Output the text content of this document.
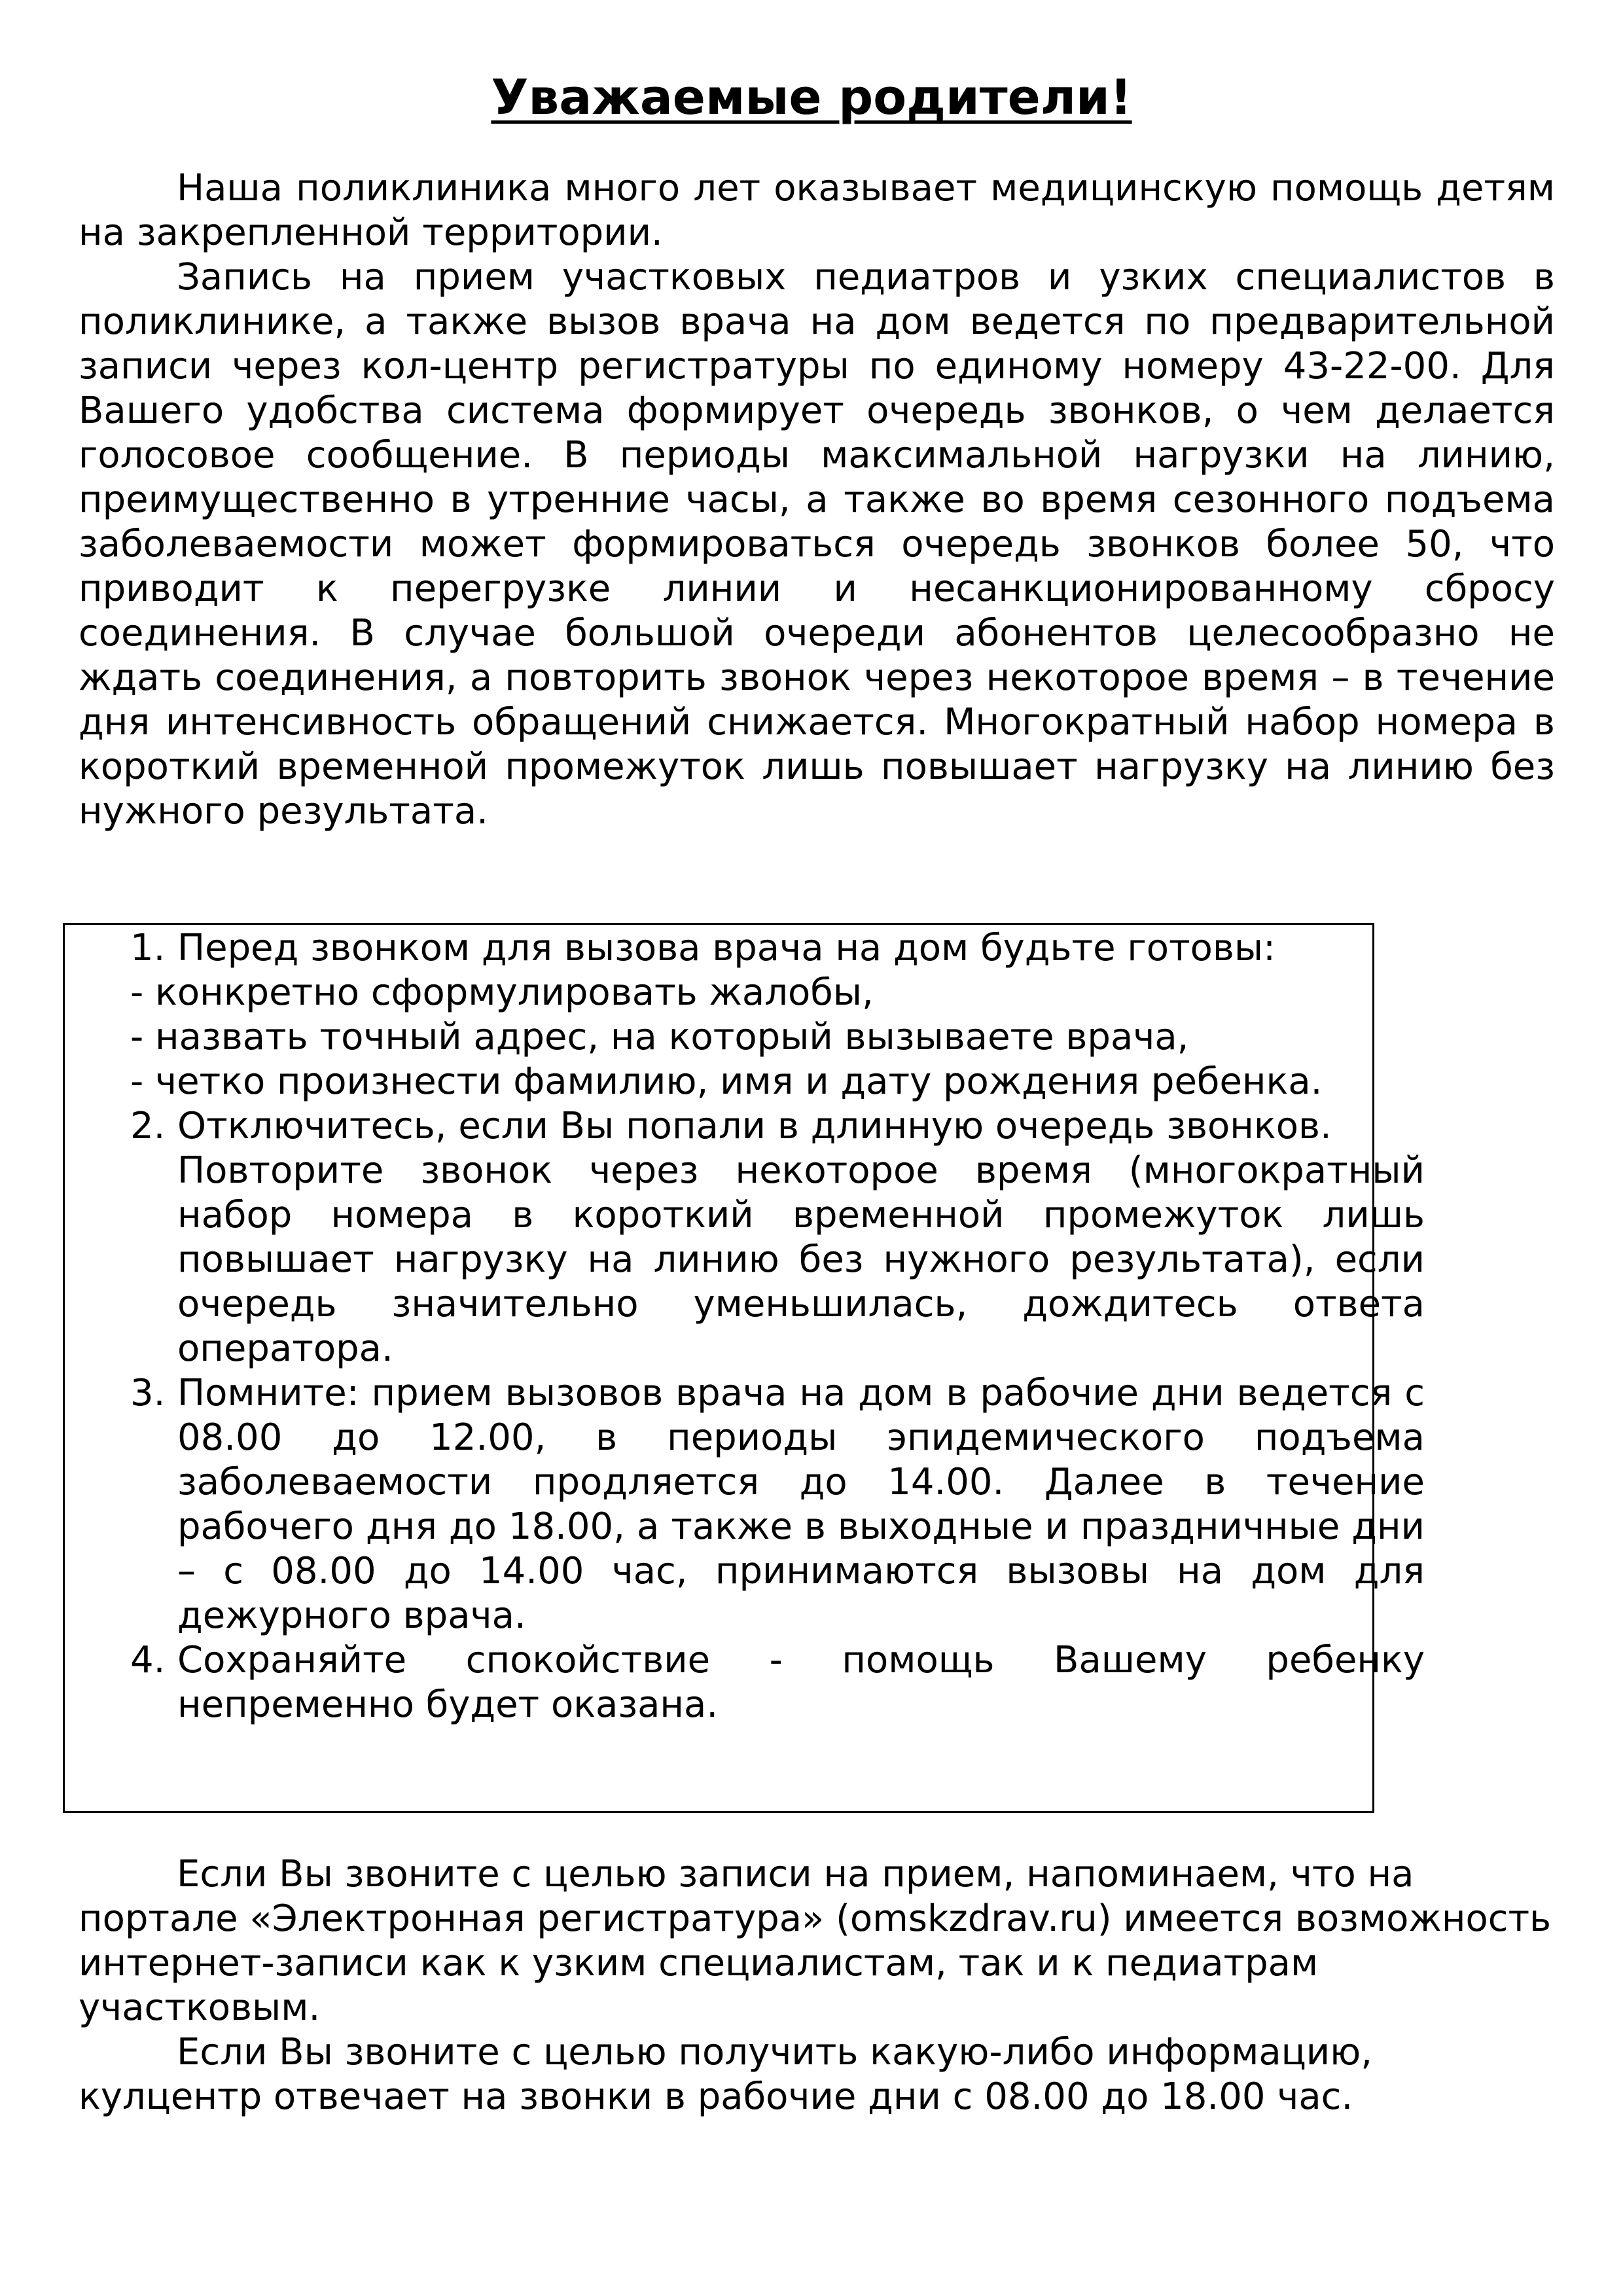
Уважаемые родители!
Наша поликлиника много лет оказывает медицинскую помощь детям на закрепленной территории.
Запись на прием участковых педиатров и узких специалистов в поликлинике, а также вызов врача на дом ведется по предварительной записи через кол-центр регистратуры по единому номеру 43-22-00. Для Вашего удобства система формирует очередь звонков, о чем делается голосовое сообщение. В периоды максимальной нагрузки на линию, преимущественно в утренние часы, а также во время сезонного подъема заболеваемости может формироваться очередь звонков более 50, что приводит к перегрузке линии и несанкционированному сбросу соединения. В случае большой очереди абонентов целесообразно не ждать соединения, а повторить звонок через некоторое время – в течение дня интенсивность обращений снижается. Многократный набор номера в короткий временной промежуток лишь повышает нагрузку на линию без нужного результата.
1. Перед звонком для вызова врача на дом будьте готовы:
- конкретно сформулировать жалобы,
- назвать точный адрес, на который вызываете врача,
- четко произнести фамилию, имя и дату рождения ребенка.
2. Отключитесь, если Вы попали в длинную очередь звонков.
Повторите звонок через некоторое время (многократный набор номера в короткий временной промежуток лишь повышает нагрузку на линию без нужного результата), если очередь значительно уменьшилась, дождитесь ответа оператора.
3. Помните: прием вызовов врача на дом в рабочие дни ведется с 08.00 до 12.00, в периоды эпидемического подъема заболеваемости продляется до 14.00. Далее в течение рабочего дня до 18.00, а также в выходные и праздничные дни – с 08.00 до 14.00 час, принимаются вызовы на дом для дежурного врача.
4. Сохраняйте спокойствие - помощь Вашему ребенку непременно будет оказана.
Если Вы звоните с целью записи на прием, напоминаем, что на портале «Электронная регистратура» (omskzdrav.ru) имеется возможность интернет-записи как к узким специалистам, так и к педиатрам участковым.
Если Вы звоните с целью получить какую-либо информацию, кулцентр отвечает на звонки в рабочие дни с 08.00 до 18.00 час.
